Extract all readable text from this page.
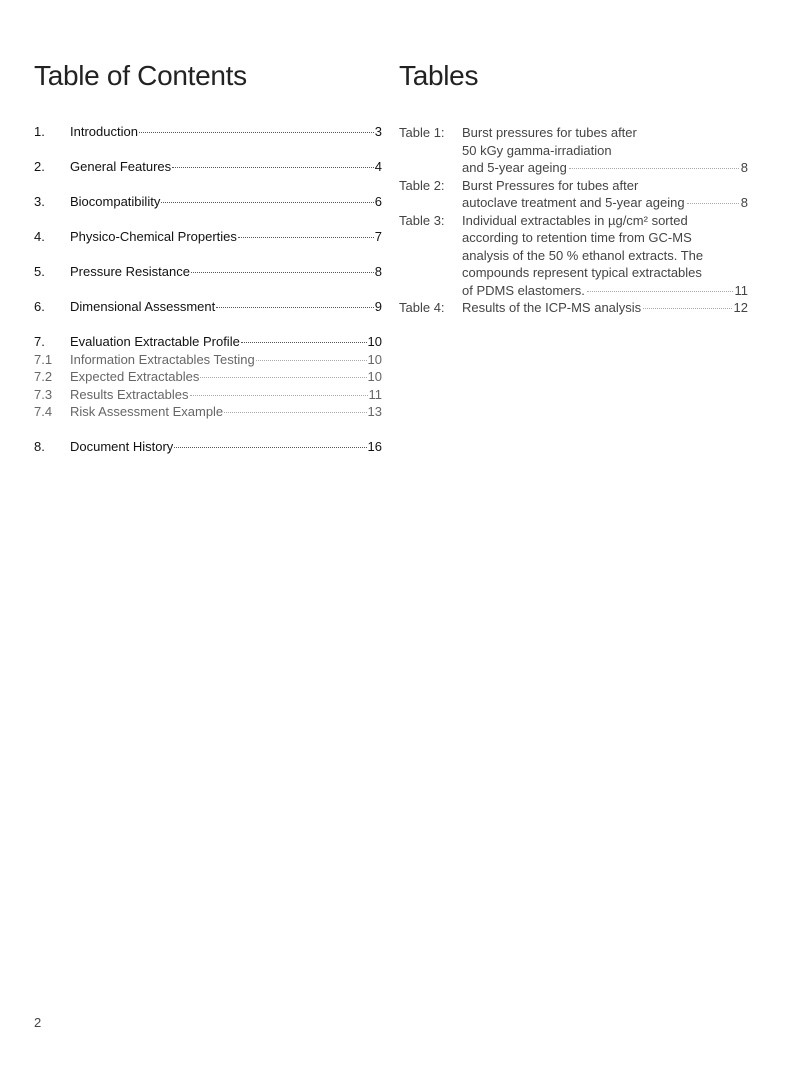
Table of Contents	Tables
1.	Introduction	3
2.	General Features	4
3.	Biocompatibility	6
4.	Physico-Chemical Properties	7
5.	Pressure Resistance	8
6.	Dimensional Assessment	9
7.	Evaluation Extractable Profile	10
7.1	Information Extractables Testing	10
7.2	Expected Extractables	10
7.3	Results Extractables	11
7.4	Risk Assessment Example	13
8.	Document History	16
Table 1:	Burst pressures for tubes after
50 kGy gamma-irradiation
and 5-year ageing	8
Table 2:	Burst Pressures for tubes after
autoclave treatment and 5-year ageing	8
Table 3:	Individual extractables in µg/cm² sorted
according to retention time from GC-MS
analysis of the 50 % ethanol extracts. The
compounds represent typical extractables
of PDMS elastomers.	11
Table 4:	Results of the ICP-MS analysis	12
2
